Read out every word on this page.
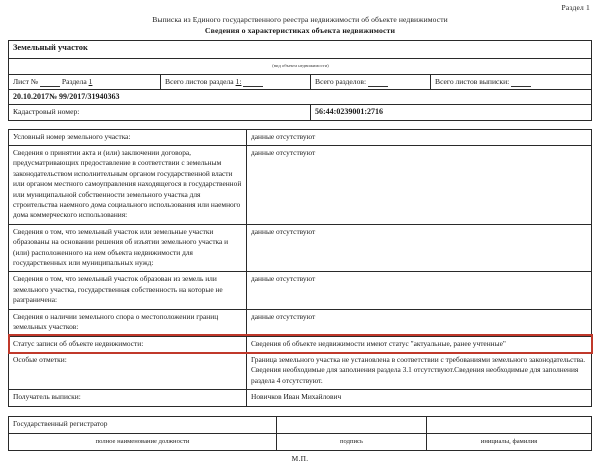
Раздел 1
Выписка из Единого государственного реестра недвижимости об объекте недвижимости
Сведения о характеристиках объекта недвижимости
Земельный участок			
(вид объекта недвижимости)			
Лист № Раздела 1	Всего листов раздела 1:	Всего разделов:	Всего листов выписки:
20.10.2017№ 99/2017/31940363			
Кадастровый номер:		56:44:0239001:2716	
Условный номер земельного участка:	данные отсутствуют
Сведения о принятии акта и (или) заключении договора, предусматривающих предоставление в соответствии с земельным законодательством исполнительным органом государственной власти или органом местного самоуправления находящегося в государственной или муниципальной собственности земельного участка для строительства наемного дома социального использования или наемного дома коммерческого использования:	данные отсутствуют
Сведения о том, что земельный участок или земельные участки образованы на основании решения об изъятии земельного участка и (или) расположенного на нем объекта недвижимости для государственных или муниципальных нужд:	данные отсутствуют
Сведения о том, что земельный участок образован из земель или земельного участка, государственная собственность на которые не разграничена:	данные отсутствуют
Сведения о наличии земельного спора о местоположении границ земельных участков:	данные отсутствуют
Статус записи об объекте недвижимости:	Сведения об объекте недвижимости имеют статус "актуальные, ранее учтенные"
Особые отметки:	Граница земельного участка не установлена в соответствии с требованиями земельного законодательства. Сведения необходимые для заполнения раздела 3.1 отсутствуют.Сведения необходимые для заполнения раздела 4 отсутствуют.
Получатель выписки:	Новичков Иван Михайлович
Государственный регистратор		
полное наименование должности	подпись	инициалы, фамилия
М.П.
